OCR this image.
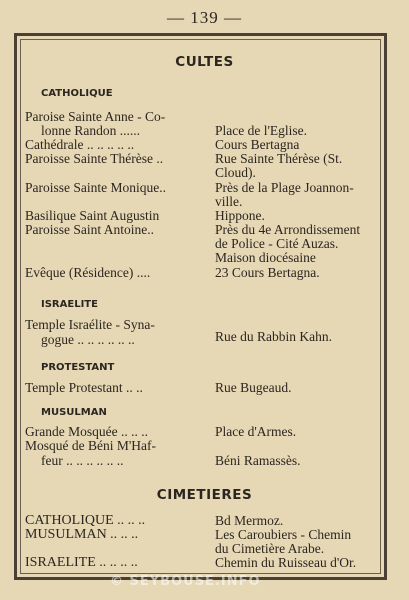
— 139 —
CULTES
CATHOLIQUE
Paroise Sainte Anne - Co-
lonne Randon ......	Place de l'Eglise.
Cathédrale .. .. .. .. ..	Cours Bertagna
Paroisse Sainte Thérèse ..	Rue Sainte Thérèse (St.
Cloud).
Paroisse Sainte Monique..	Près de la Plage Joannon-
ville.
Basilique Saint Augustin	Hippone.
Paroisse Saint Antoine..	Près du 4e Arrondissement
de Police - Cité Auzas.
Maison diocésaine
Evêque (Résidence) ....	23 Cours Bertagna.
ISRAELITE
Temple Israélite - Syna-
gogue .. .. .. .. .. ..	Rue du Rabbin Kahn.
PROTESTANT
Temple Protestant .. ..	Rue Bugeaud.
MUSULMAN
Grande Mosquée .. .. ..	Place d'Armes.
Mosqué de Béni M'Haf-
feur .. .. .. .. .. ..	Béni Ramassès.
CIMETIERES
CATHOLIQUE .. .. ..	Bd Mermoz.
MUSULMAN .. .. ..	Les Caroubiers - Chemin
du Cimetière Arabe.
ISRAELITE .. .. .. ..	Chemin du Ruisseau d'Or.
© SEYBOUSE.INFO
